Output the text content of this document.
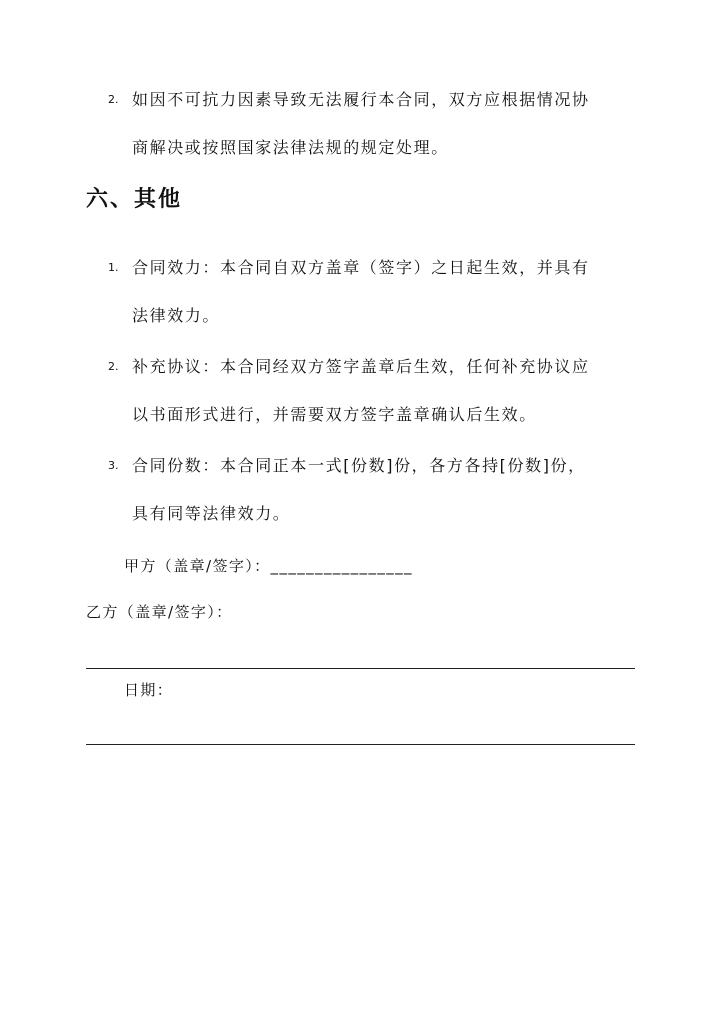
2. 如因不可抗力因素导致无法履行本合同，双方应根据情况协
商解决或按照国家法律法规的规定处理。
六、其他
1. 合同效力：本合同自双方盖章（签字）之日起生效，并具有
法律效力。
2. 补充协议：本合同经双方签字盖章后生效，任何补充协议应
以书面形式进行，并需要双方签字盖章确认后生效。
3. 合同份数：本合同正本一式[份数]份，各方各持[份数]份，
具有同等法律效力。
甲方（盖章/签字）：________________
乙方（盖章/签字）：
日期：
